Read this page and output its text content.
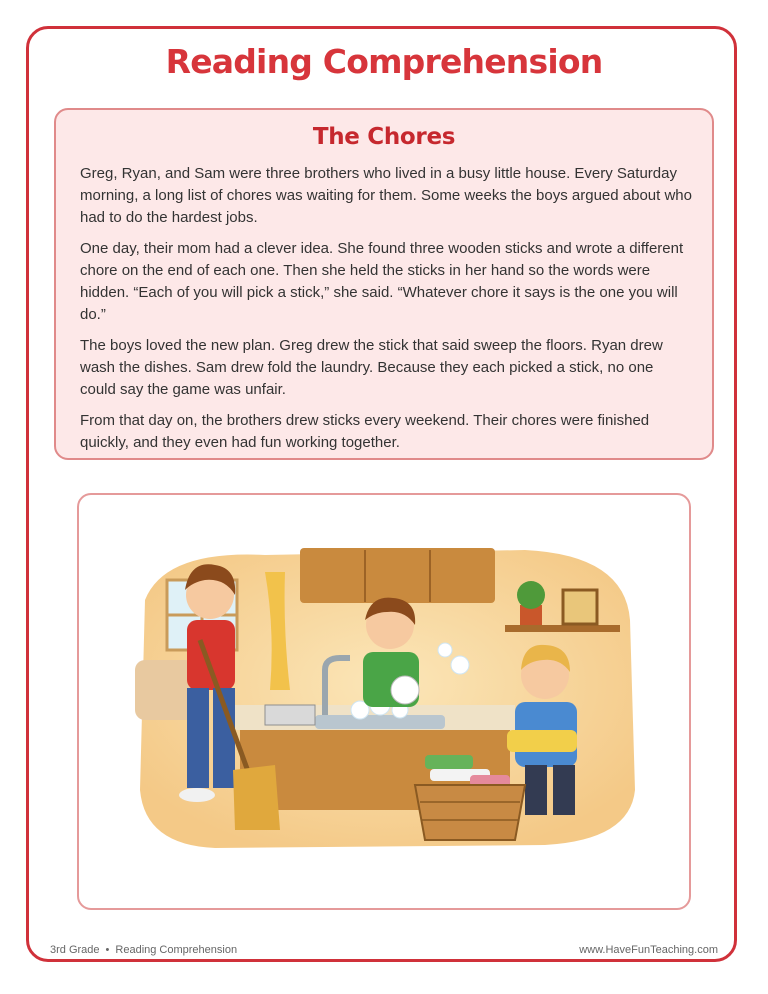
Reading Comprehension
The Chores

Greg, Ryan, and Sam were three brothers who lived in a busy little house. Every Saturday morning, a long list of chores was waiting for them. Some weeks the boys argued about who had to do the hardest jobs.

One day, their mom had a clever idea. She found three wooden sticks and wrote a different chore on the end of each one. Then she held the sticks in her hand so the words were hidden. “Each of you will pick a stick,” she said. “Whatever chore it says is the one you will do.”

The boys loved the new plan. Greg drew the stick that said sweep the floors. Ryan drew wash the dishes. Sam drew fold the laundry. Because they each picked a stick, no one could say the game was unfair.

From that day on, the brothers drew sticks every weekend. Their chores were finished quickly, and they even had fun working together.

3rd Grade • Reading Comprehension	www.HaveFunTeaching.com
